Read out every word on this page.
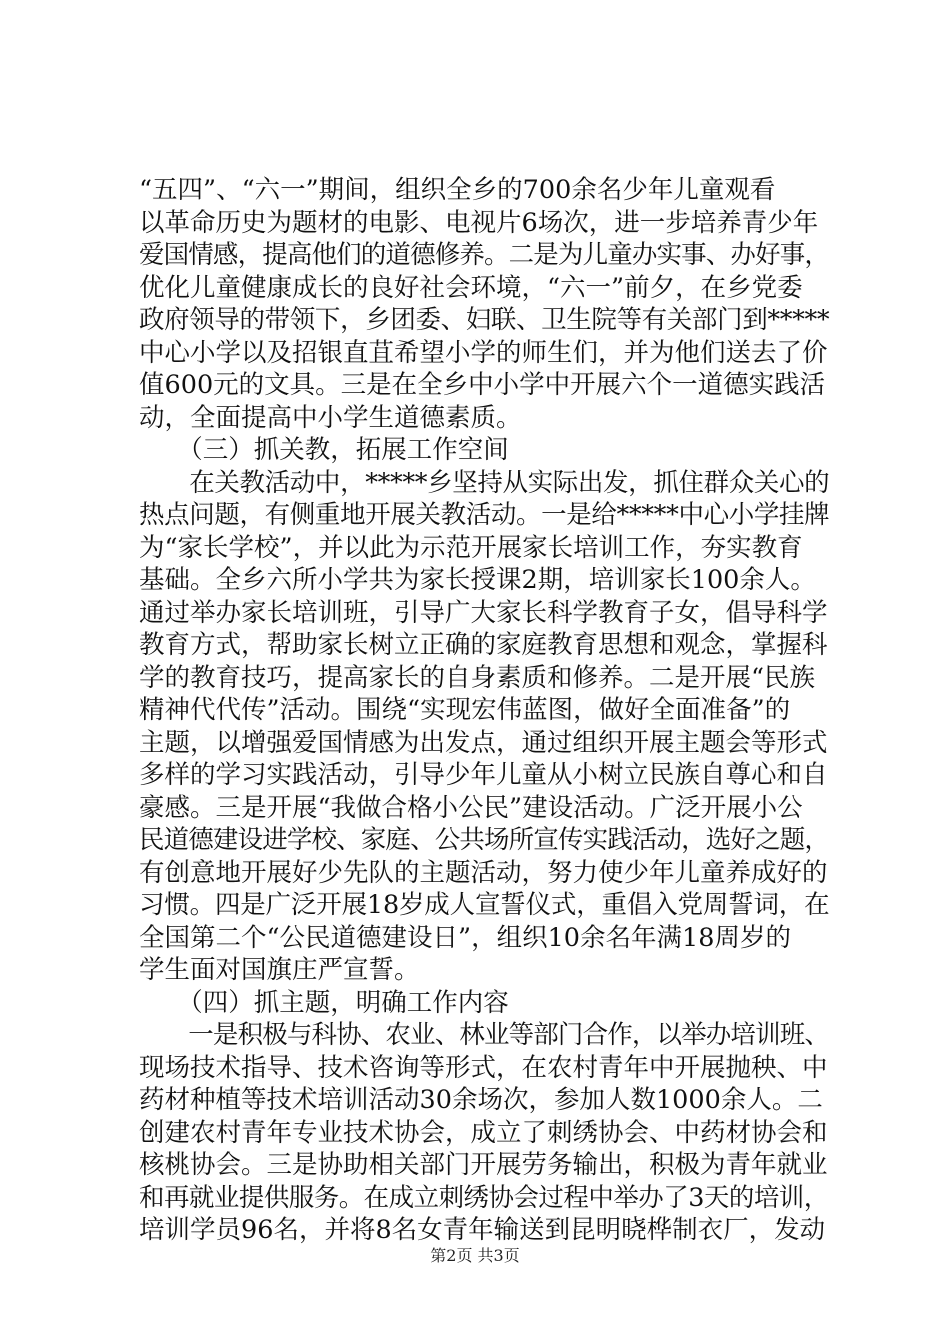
“五四”、“六一”期间，组织全乡的700余名少年儿童观看
以革命历史为题材的电影、电视片6场次，进一步培养青少年
爱国情感，提高他们的道德修养。二是为儿童办实事、办好事，
优化儿童健康成长的良好社会环境，“六一”前夕，在乡党委
政府领导的带领下，乡团委、妇联、卫生院等有关部门到*****
中心小学以及招银直苴希望小学的师生们，并为他们送去了价
值600元的文具。三是在全乡中小学中开展六个一道德实践活
动，全面提高中小学生道德素质。
　　（三）抓关教，拓展工作空间
　　在关教活动中，*****乡坚持从实际出发，抓住群众关心的
热点问题，有侧重地开展关教活动。一是给*****中心小学挂牌
为“家长学校”，并以此为示范开展家长培训工作，夯实教育
基础。全乡六所小学共为家长授课2期，培训家长100余人。
通过举办家长培训班，引导广大家长科学教育子女，倡导科学
教育方式，帮助家长树立正确的家庭教育思想和观念，掌握科
学的教育技巧，提高家长的自身素质和修养。二是开展“民族
精神代代传”活动。围绕“实现宏伟蓝图，做好全面准备”的
主题，以增强爱国情感为出发点，通过组织开展主题会等形式
多样的学习实践活动，引导少年儿童从小树立民族自尊心和自
豪感。三是开展“我做合格小公民”建设活动。广泛开展小公
民道德建设进学校、家庭、公共场所宣传实践活动，选好之题，
有创意地开展好少先队的主题活动，努力使少年儿童养成好的
习惯。四是广泛开展18岁成人宣誓仪式，重倡入党周誓词，在
全国第二个“公民道德建设日”，组织10余名年满18周岁的
学生面对国旗庄严宣誓。
　　（四）抓主题，明确工作内容
　　一是积极与科协、农业、林业等部门合作，以举办培训班、
现场技术指导、技术咨询等形式，在农村青年中开展抛秧、中
药材种植等技术培训活动30余场次，参加人数1000余人。二
创建农村青年专业技术协会，成立了刺绣协会、中药材协会和
核桃协会。三是协助相关部门开展劳务输出，积极为青年就业
和再就业提供服务。在成立刺绣协会过程中举办了3天的培训，
培训学员96名，并将8名女青年输送到昆明晓桦制衣厂，发动
第2页 共3页
